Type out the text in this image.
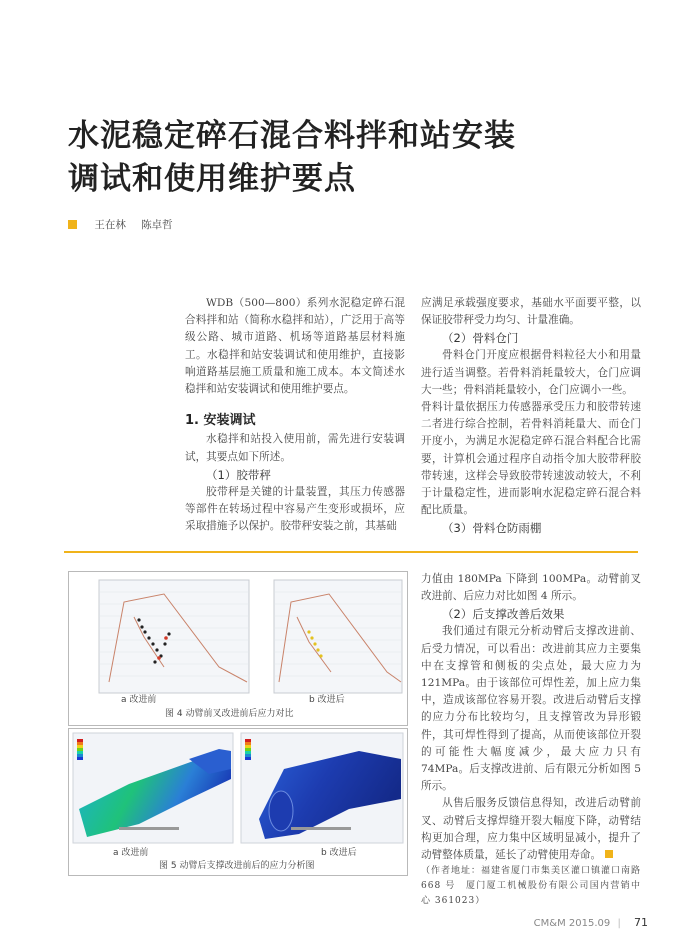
水泥稳定碎石混合料拌和站安装
调试和使用维护要点
王在林 陈卓哲

WDB（500—800）系列水泥稳定碎石混合料拌和站（简称水稳拌和站），广泛用于高等级公路、城市道路、机场等道路基层材料施工。水稳拌和站安装调试和使用维护，直接影响道路基层施工质量和施工成本。本文简述水稳拌和站安装调试和使用维护要点。

1. 安装调试

水稳拌和站投入使用前，需先进行安装调试，其要点如下所述。

（1）胶带秤

胶带秤是关键的计量装置，其压力传感器等部件在转场过程中容易产生变形或损坏，应采取措施予以保护。胶带秤安装之前，其基础

应满足承载强度要求，基础水平面要平整，以保证胶带秤受力均匀、计量准确。

（2）骨料仓门

骨料仓门开度应根据骨料粒径大小和用量进行适当调整。若骨料消耗量较大，仓门应调大一些；骨料消耗量较小，仓门应调小一些。

骨料计量依据压力传感器承受压力和胶带转速二者进行综合控制，若骨料消耗量大、而仓门开度小，为满足水泥稳定碎石混合料配合比需要，计算机会通过程序自动指令加大胶带秤胶带转速，这样会导致胶带转速波动较大，不利于计量稳定性，进而影响水泥稳定碎石混合料配比质量。

（3）骨料仓防雨棚
a 改进前	b 改进后
图 4 动臂前叉改进前后应力对比
a 改进前	b 改进后
图 5 动臂后支撑改进前后的应力分析图

力值由 180MPa 下降到 100MPa。动臂前叉改进前、后应力对比如图 4 所示。

（2）后支撑改善后效果

我们通过有限元分析动臂后支撑改进前、后受力情况，可以看出：改进前其应力主要集中在支撑管和侧板的尖点处，最大应力为121MPa。由于该部位可焊性差，加上应力集中，造成该部位容易开裂。改进后动臂后支撑的应力分布比较均匀，且支撑管改为异形锻件，其可焊性得到了提高，从而使该部位开裂的可能性大幅度减少，最大应力只有 74MPa。后支撑改进前、后有限元分析如图 5 所示。

从售后服务反馈信息得知，改进后动臂前叉、动臂后支撑焊缝开裂大幅度下降，动臂结构更加合理，应力集中区域明显减小，提升了动臂整体质量，延长了动臂使用寿命。

（作者地址：福建省厦门市集美区灌口镇灌口南路 668 号　厦门厦工机械股份有限公司国内营销中心 361023）
CM&M 2015.09 | 71
